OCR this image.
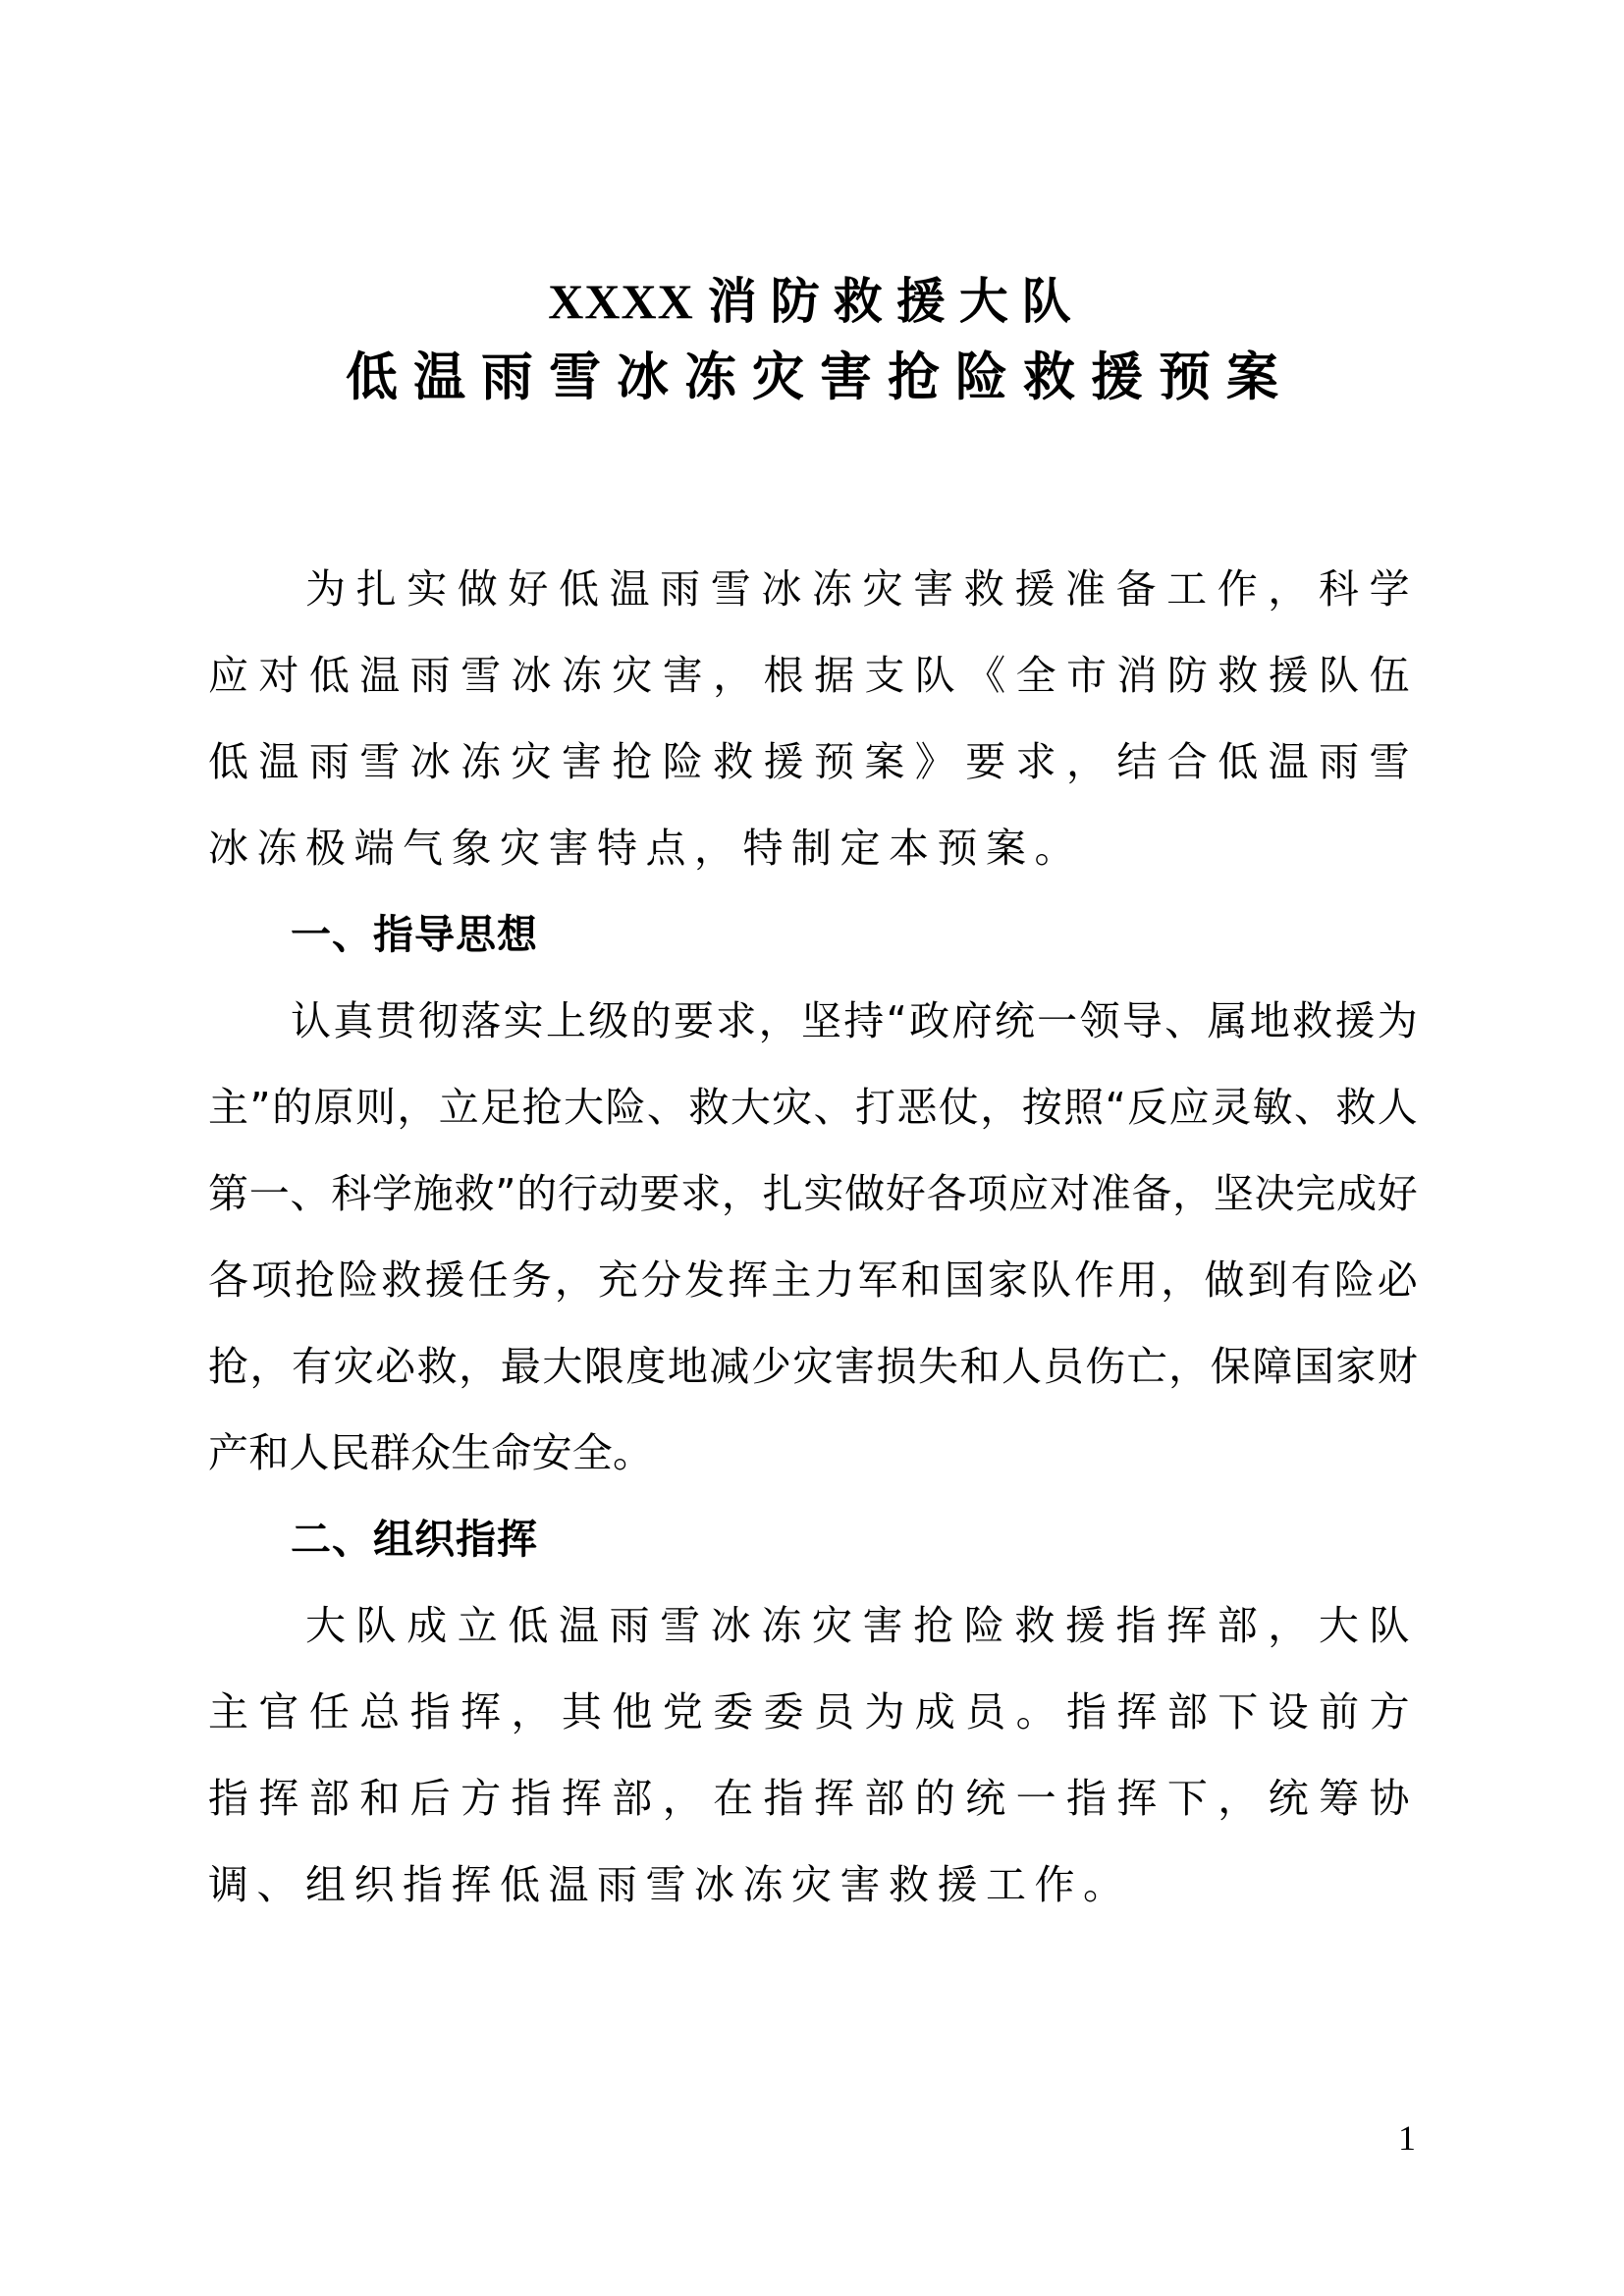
XXXX 消防救援大队
低温雨雪冰冻灾害抢险救援预案

为扎实做好低温雨雪冰冻灾害救援准备工作，科学应对低温雨雪冰冻灾害，根据支队《全市消防救援队伍低温雨雪冰冻灾害抢险救援预案》要求，结合低温雨雪冰冻极端气象灾害特点，特制定本预案。

一、指导思想

认真贯彻落实上级的要求，坚持“政府统一领导、属地救援为主”的原则，立足抢大险、救大灾、打恶仗，按照“反应灵敏、救人第一、科学施救”的行动要求，扎实做好各项应对准备，坚决完成好各项抢险救援任务，充分发挥主力军和国家队作用，做到有险必抢，有灾必救，最大限度地减少灾害损失和人员伤亡，保障国家财产和人民群众生命安全。

二、组织指挥

大队成立低温雨雪冰冻灾害抢险救援指挥部，大队主官任总指挥，其他党委委员为成员。指挥部下设前方指挥部和后方指挥部，在指挥部的统一指挥下，统筹协调、组织指挥低温雨雪冰冻灾害救援工作。

1
